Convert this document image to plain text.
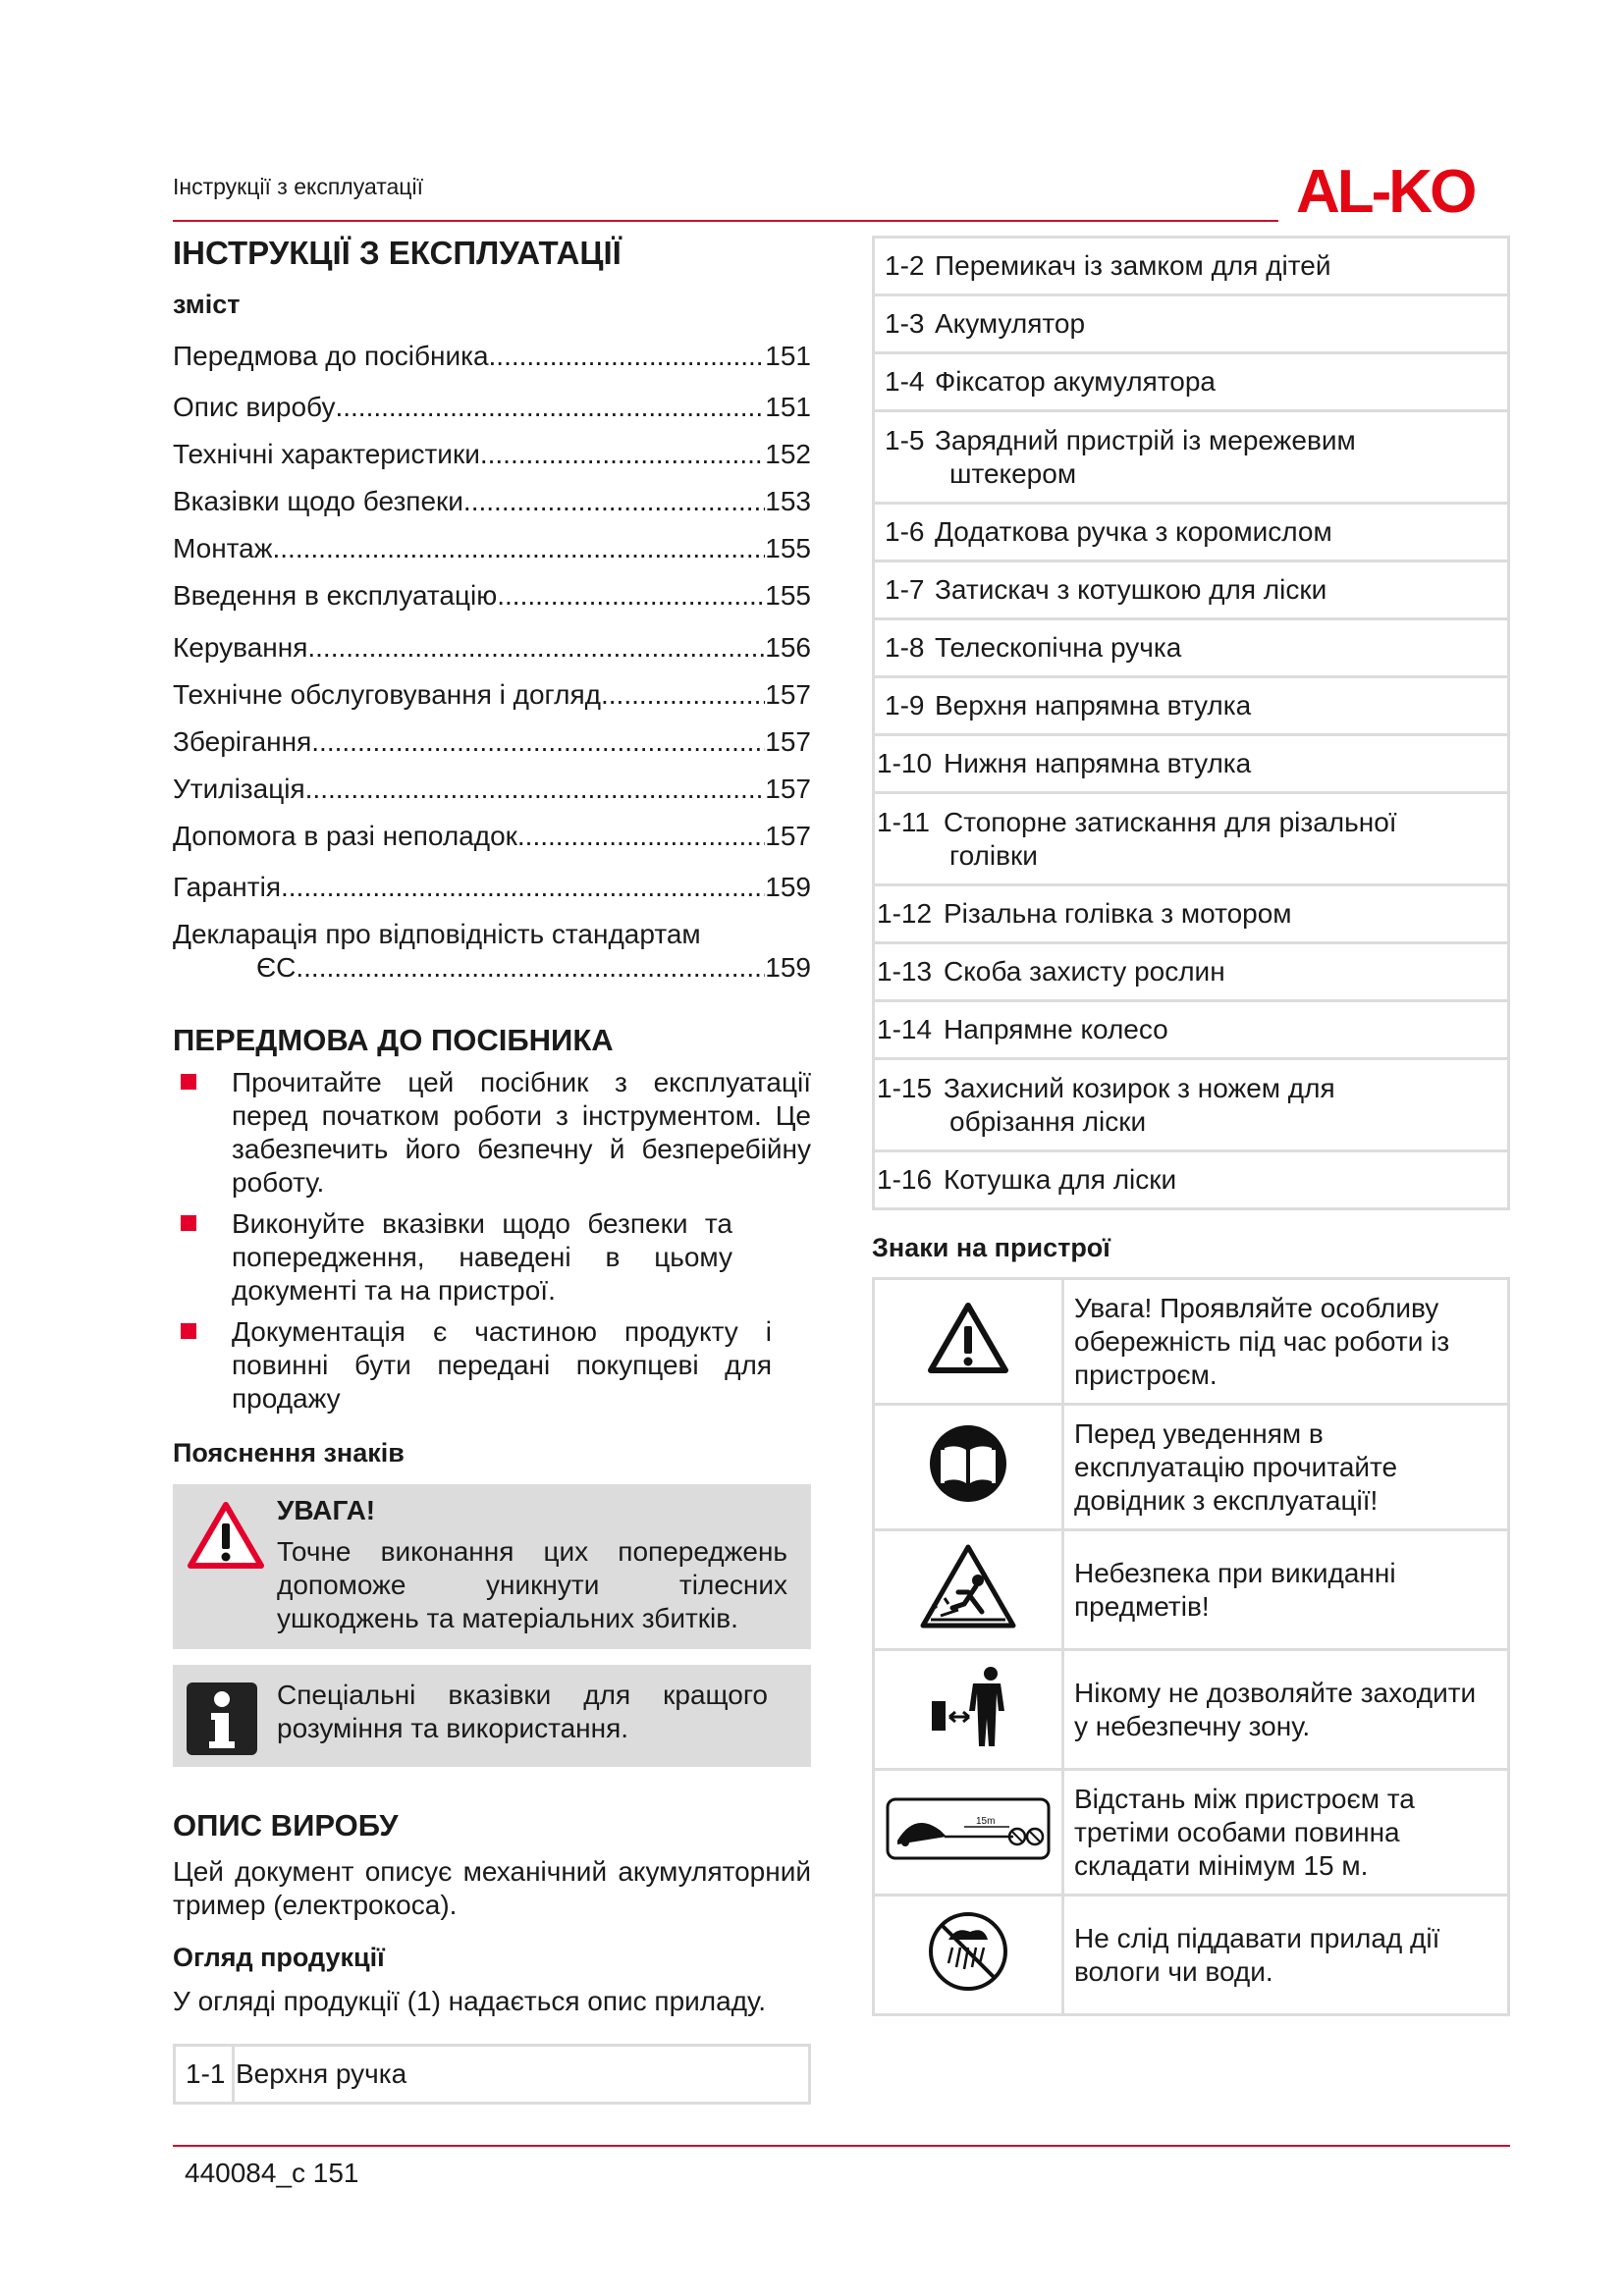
Інструкції з експлуатації	AL-KO
ІНСТРУКЦІЇ З ЕКСПЛУАТАЦІЇ
зміст
Передмова до посібника .....	151
Опис виробу .....	151
Технічні характеристики .....	152
Вказівки щодо безпеки .....	153
Монтаж .....	155
Введення в експлуатацію .....	155
Керування .....	156
Технічне обслуговування і догляд .....	157
Зберігання .....	157
Утилізація .....	157
Допомога в разі неполадок .....	157
Гарантія .....	159
Декларація про відповідність стандартам
ЄС .....	159
ПЕРЕДМОВА ДО ПОСІБНИКА
Прочитайте цей посібник з експлуатації перед початком роботи з інструментом. Це забезпечить його безпечну й безперебійну роботу.
Виконуйте вказівки щодо безпеки та попередження, наведені в цьому документі та на пристрої.
Документація є частиною продукту і повинні бути передані покупцеві для продажу
Пояснення знаків
УВАГА!
Точне виконання цих попереджень допоможе уникнути тілесних ушкоджень та матеріальних збитків.
Спеціальні вказівки для кращого розуміння та використання.
ОПИС ВИРОБУ
Цей документ описує механічний акумуляторний тример (електрокоса).
Огляд продукції
У огляді продукції (1) надається опис приладу.
1-1 Верхня ручка
1-2 Перемикач із замком для дітей

1-3 Акумулятор

1-4 Фіксатор акумулятора

1-5 Зарядний пристрій із мережевим
штекером

1-6 Додаткова ручка з коромислом

1-7 Затискач з котушкою для ліски

1-8 Телескопічна ручка

1-9 Верхня напрямна втулка

1-10 Нижня напрямна втулка

1-11 Стопорне затискання для різальної
голівки

1-12 Різальна голівка з мотором

1-13 Скоба захисту рослин

1-14 Напрямне колесо

1-15 Захисний козирок з ножем для
обрізання ліски

1-16 Котушка для ліски
Знаки на пристрої
	Увага! Проявляйте особливу обережність під час роботи із пристроєм.
	Перед уведенням в експлуатацію прочитайте довідник з експлуатації!
	Небезпека при викиданні предметів!
	Нікому не дозволяйте заходити у небезпечну зону.

15m	Відстань між пристроєм та третіми особами повинна складати мінімум 15 м.
	Не слід піддавати прилад дії вологи чи води.
440084_c 151
